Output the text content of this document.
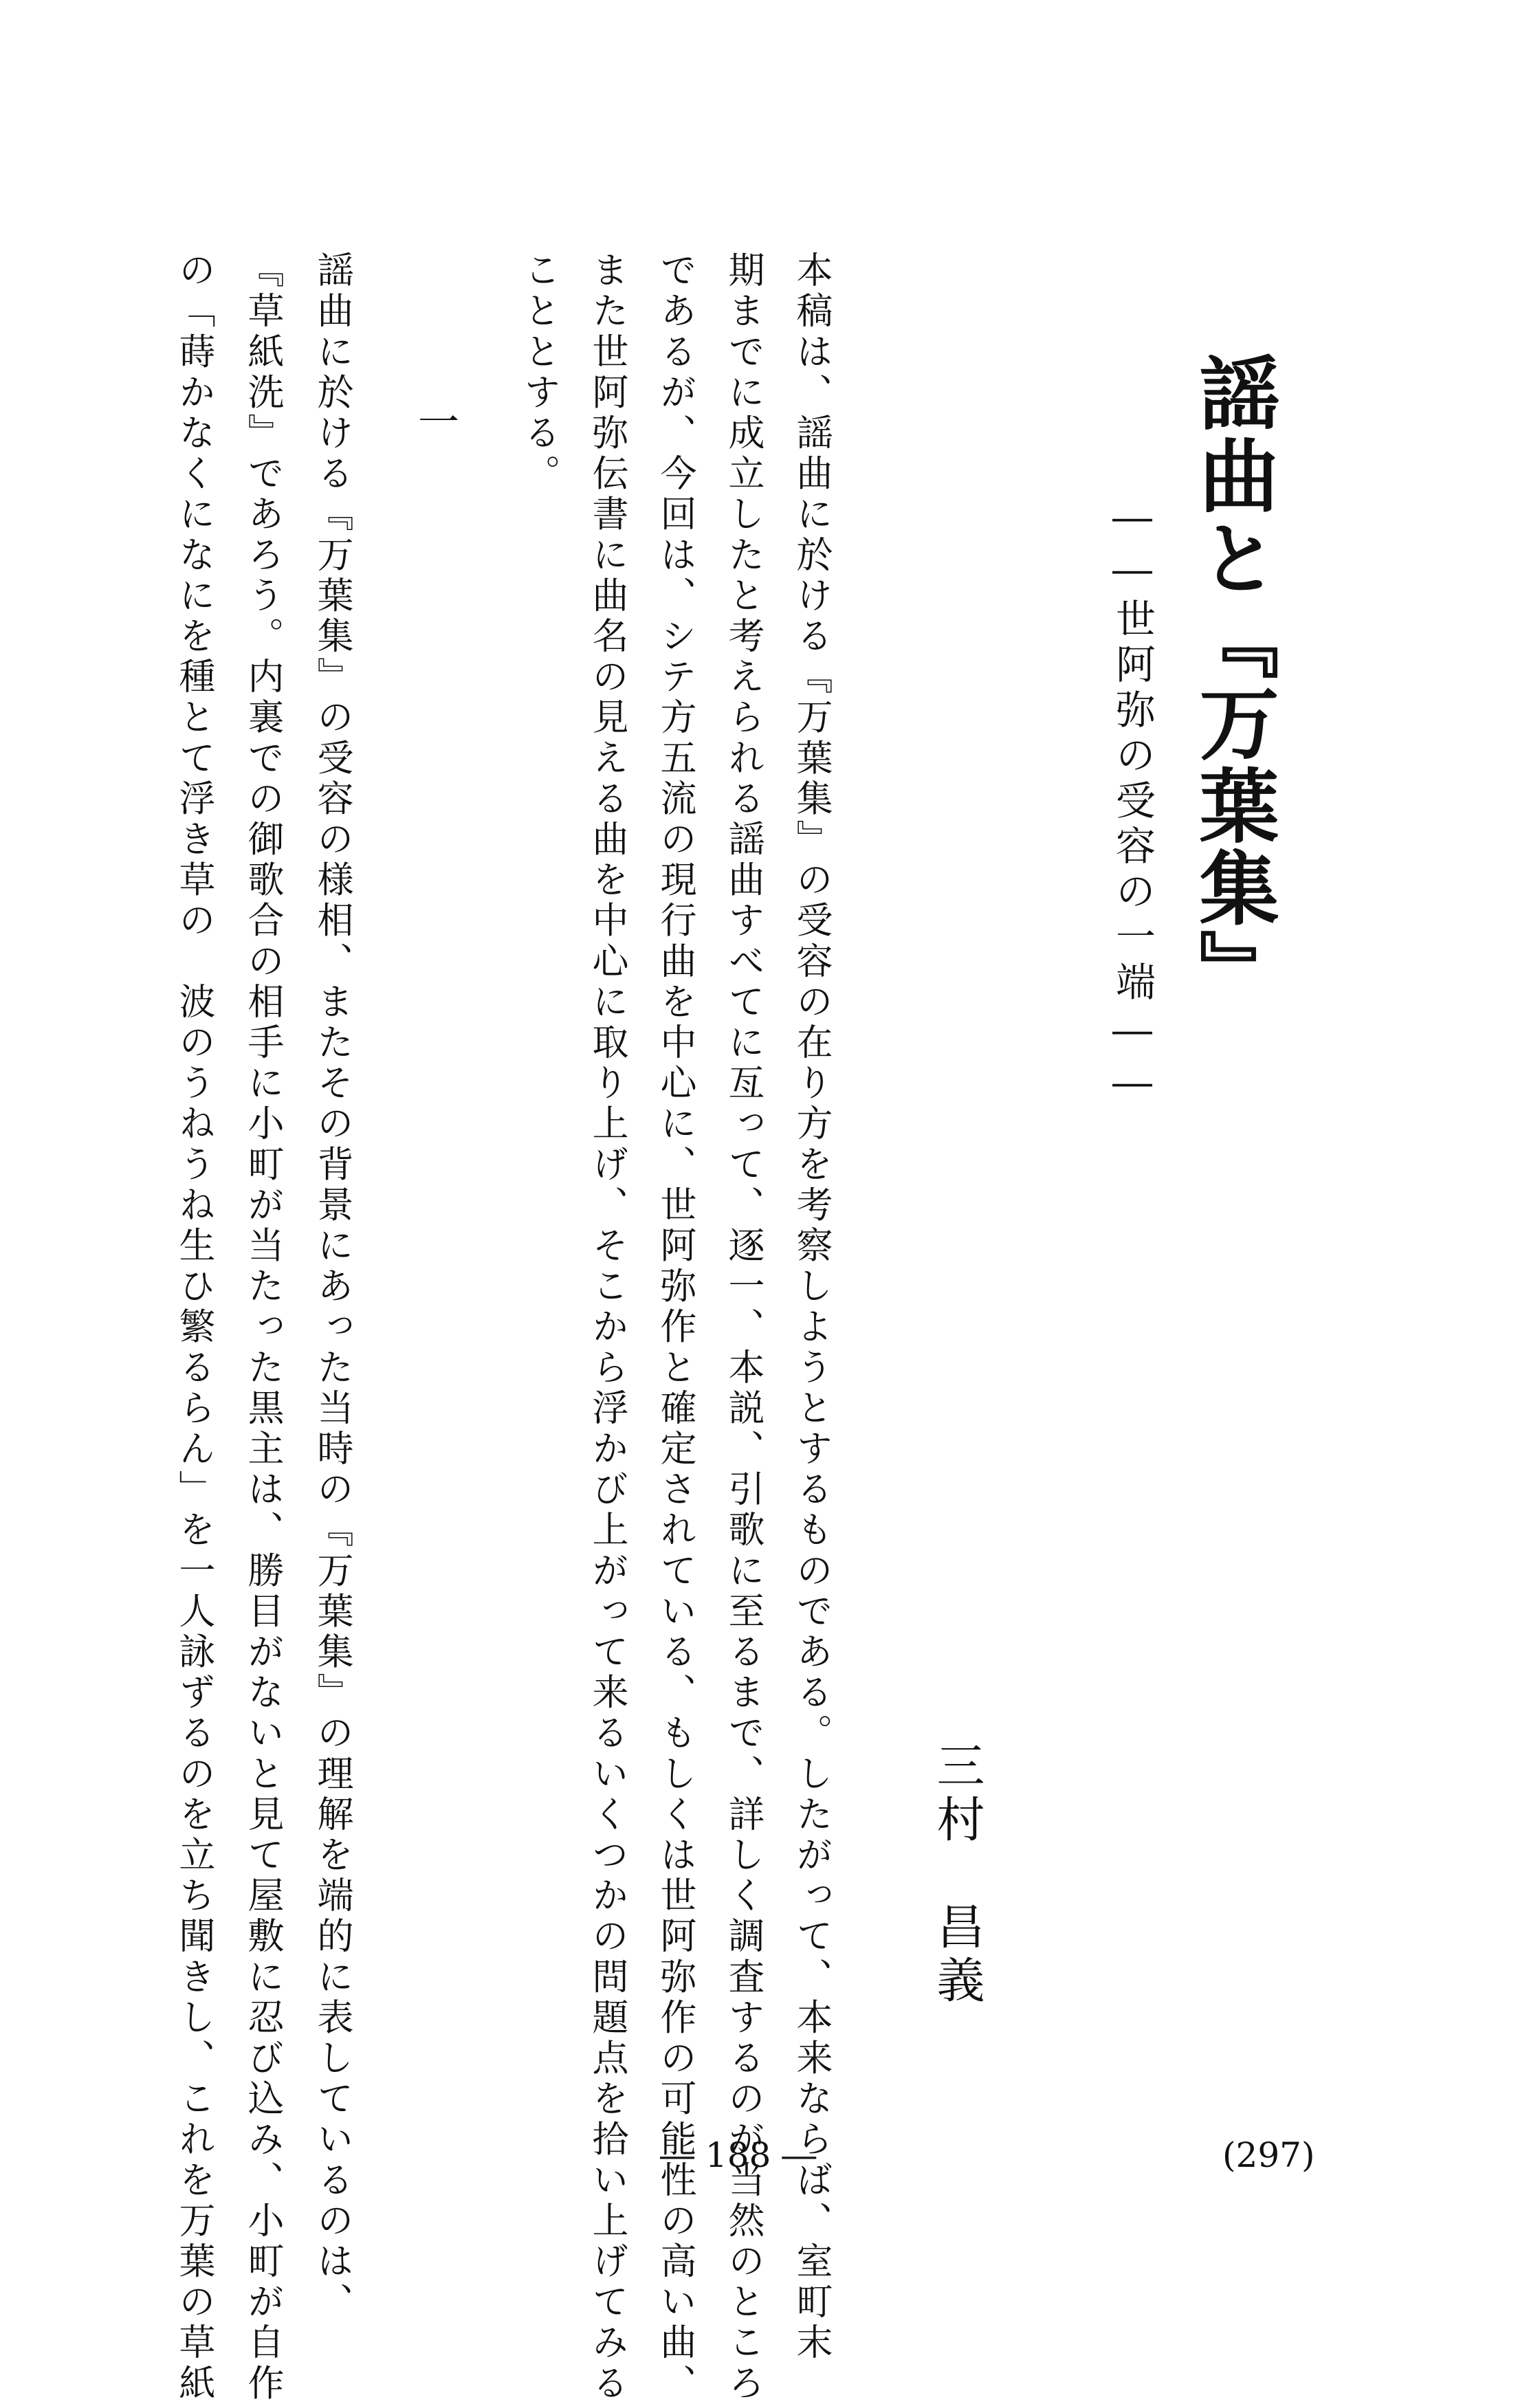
謡曲と『万葉集』
――世阿弥の受容の一端――
三村　昌義
本稿は、謡曲に於ける『万葉集』の受容の在り方を考察しようとするものである。したがって、本来ならば、室町末
期までに成立したと考えられる謡曲すべてに亙って、逐一、本説、引歌に至るまで、詳しく調査するのが当然のところ
であるが、今回は、シテ方五流の現行曲を中心に、世阿弥作と確定されている、もしくは世阿弥作の可能性の高い曲、
また世阿弥伝書に曲名の見える曲を中心に取り上げ、そこから浮かび上がって来るいくつかの問題点を拾い上げてみる
こととする。
一
謡曲に於ける『万葉集』の受容の様相、またその背景にあった当時の『万葉集』の理解を端的に表しているのは、
『草紙洗』であろう。内裏での御歌合の相手に小町が当たった黒主は、勝目がないと見て屋敷に忍び込み、小町が自作
の「蒔かなくになにを種とて浮き草の　波のうねうね生ひ繁るらん」を一人詠ずるのを立ち聞きし、これを万葉の草紙	― 188 ―	(297)
